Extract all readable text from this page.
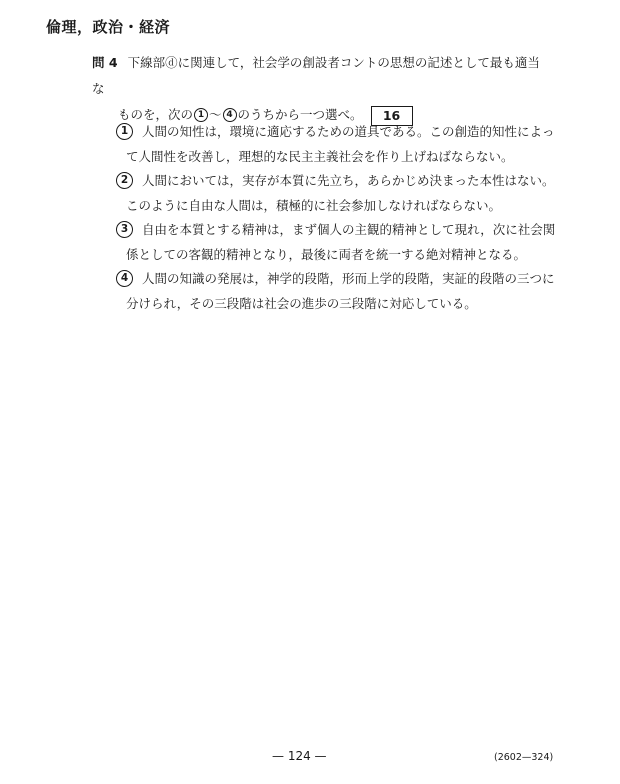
倫理，政治・経済
問 4 下線部ⓓに関連して，社会学の創設者コントの思想の記述として最も適当な
ものを，次の 1 ～ 4 のうちから一つ選べ。 16
1 人間の知性は，環境に適応するための道具である。この創造的知性によっ
て人間性を改善し，理想的な民主主義社会を作り上げねばならない。
2 人間においては，実存が本質に先立ち，あらかじめ決まった本性はない。
このように自由な人間は，積極的に社会参加しなければならない。
3 自由を本質とする精神は，まず個人の主観的精神として現れ，次に社会関
係としての客観的精神となり，最後に両者を統一する絶対精神となる。
4 人間の知識の発展は，神学的段階，形而上学的段階，実証的段階の三つに
分けられ，その三段階は社会の進歩の三段階に対応している。
— 124 —	(2602—324)
